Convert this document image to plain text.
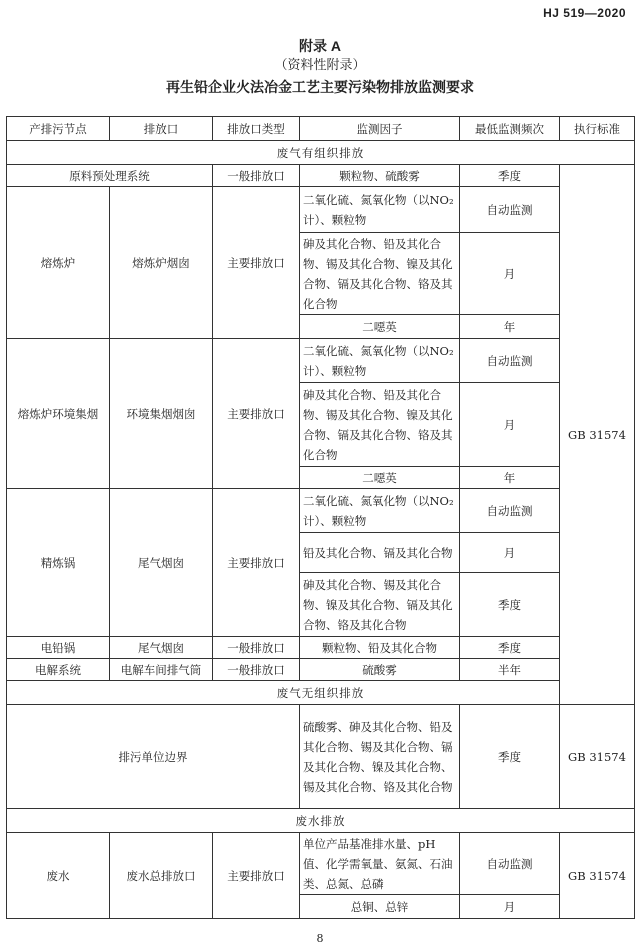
HJ 519—2020
附录 A
（资料性附录）
再生铅企业火法冶金工艺主要污染物排放监测要求
产排污节点	排放口	排放口类型	监测因子	最低监测频次	执行标准
废气有组织排放					
原料预处理系统		一般排放口	颗粒物、硫酸雾	季度	GB 31574
熔炼炉	熔炼炉烟囱	主要排放口	二氧化硫、氮氧化物（以NO₂计）、颗粒物	自动监测	
			砷及其化合物、铅及其化合物、锡及其化合物、镍及其化合物、镉及其化合物、铬及其化合物	月	
			二噁英	年	
熔炼炉环境集烟	环境集烟烟囱	主要排放口	二氧化硫、氮氧化物（以NO₂计）、颗粒物	自动监测	
			砷及其化合物、铅及其化合物、锡及其化合物、镍及其化合物、镉及其化合物、铬及其化合物	月	
			二噁英	年	
精炼锅	尾气烟囱	主要排放口	二氧化硫、氮氧化物（以NO₂计）、颗粒物	自动监测	
			铅及其化合物、镉及其化合物	月	
			砷及其化合物、锡及其化合物、镍及其化合物、镉及其化合物、铬及其化合物	季度	
电铅锅	尾气烟囱	一般排放口	颗粒物、铅及其化合物	季度	
电解系统	电解车间排气筒	一般排放口	硫酸雾	半年	
废气无组织排放					
排污单位边界			硫酸雾、砷及其化合物、铅及其化合物、锡及其化合物、镉及其化合物、镍及其化合物、锡及其化合物、铬及其化合物	季度	GB 31574
废水排放					
废水	废水总排放口	主要排放口	单位产品基准排水量、pH值、化学需氧量、氨氮、石油类、总氮、总磷	自动监测	GB 31574
			总铜、总锌	月	
8
